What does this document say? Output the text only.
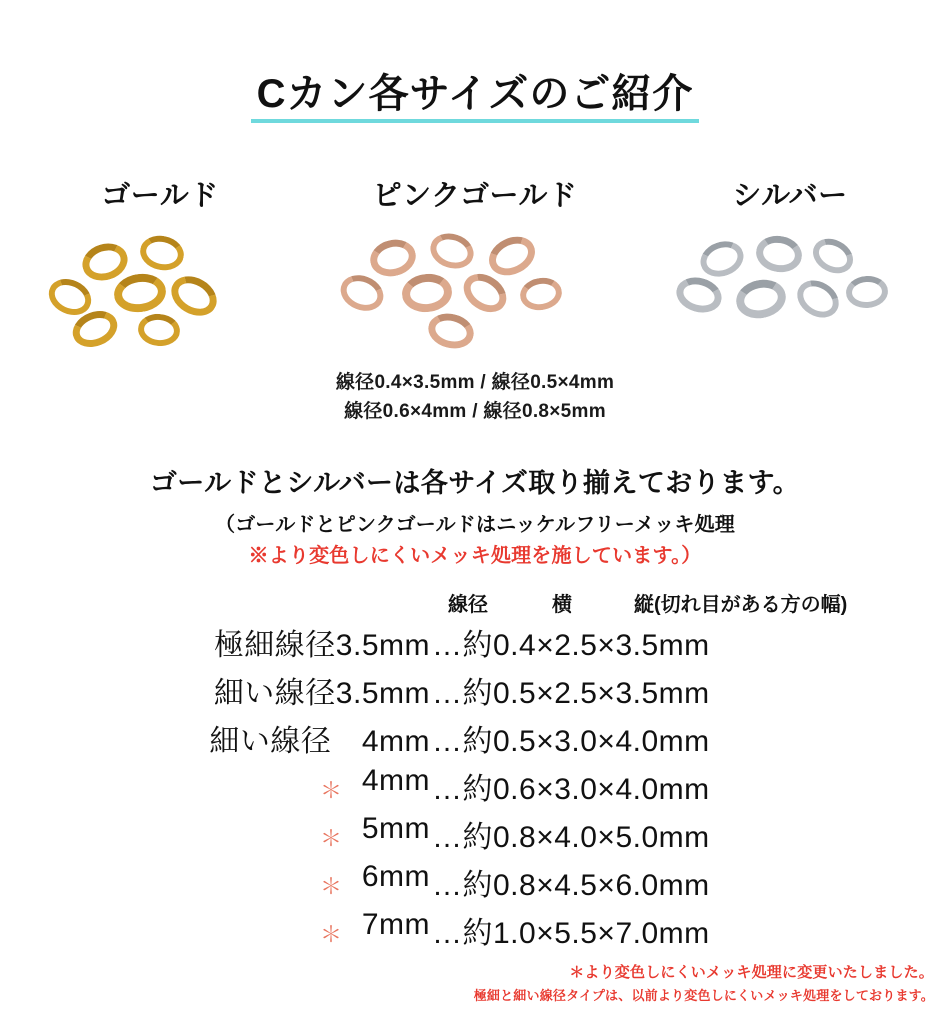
Cカン各サイズのご紹介
ゴールド	ピンクゴールド
線径0.4×3.5mm / 線径0.5×4mm
線径0.6×4mm / 線径0.8×5mm
シルバー
ゴールドとシルバーは各サイズ取り揃えております。
（ゴールドとピンクゴールドはニッケルフリーメッキ処理
※より変色しにくいメッキ処理を施しています。）
線径	横	縦(切れ目がある方の幅)
極細線径3.5mm …約0.4×2.5×3.5mm
細い線径3.5mm …約0.5×2.5×3.5mm
細い線径　4mm …約0.5×3.0×4.0mm
＊ 4mm …約0.6×3.0×4.0mm
＊ 5mm …約0.8×4.0×5.0mm
＊ 6mm …約0.8×4.5×6.0mm
＊ 7mm …約1.0×5.5×7.0mm
＊より変色しにくいメッキ処理に変更いたしました。
極細と細い線径タイプは、以前より変色しにくいメッキ処理をしております。
